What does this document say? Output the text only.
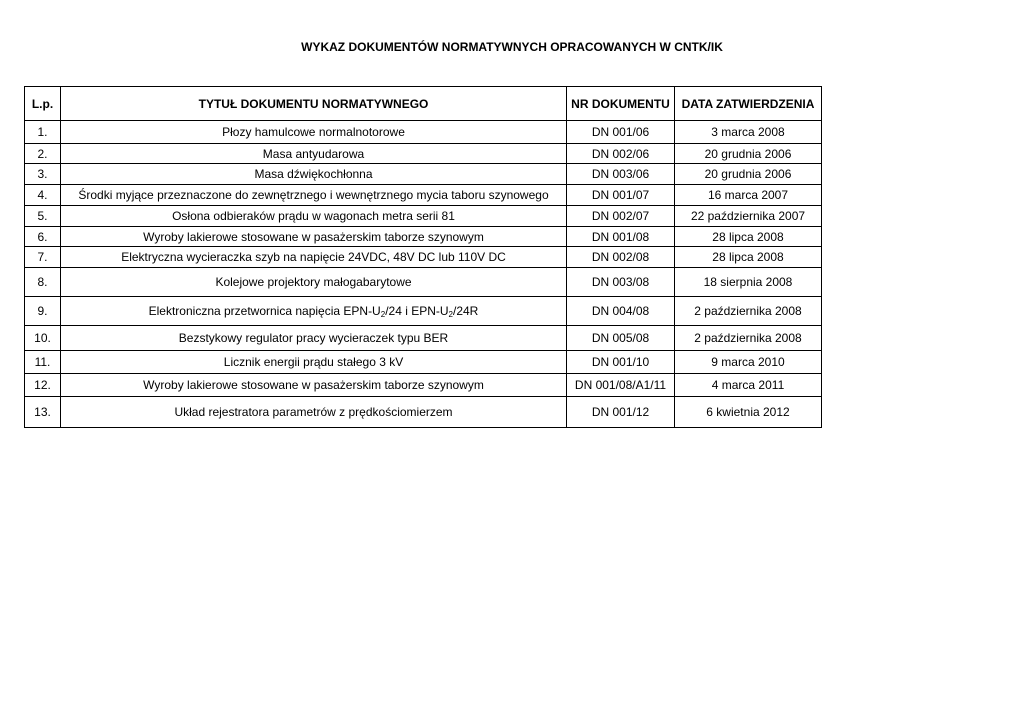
WYKAZ DOKUMENTÓW NORMATYWNYCH OPRACOWANYCH W CNTK/IK
L.p.	TYTUŁ DOKUMENTU NORMATYWNEGO	NR DOKUMENTU	DATA ZATWIERDZENIA
1.	Płozy hamulcowe normalnotorowe	DN 001/06	3 marca 2008
2.	Masa antyudarowa	DN 002/06	20 grudnia 2006
3.	Masa dźwiękochłonna	DN 003/06	20 grudnia 2006
4.	Środki myjące przeznaczone do zewnętrznego i wewnętrznego mycia taboru szynowego	DN 001/07	16 marca 2007
5.	Osłona odbieraków prądu w wagonach metra serii 81	DN 002/07	22 października 2007
6.	Wyroby lakierowe stosowane w pasażerskim taborze szynowym	DN 001/08	28 lipca 2008
7.	Elektryczna wycieraczka szyb na napięcie 24VDC, 48V DC lub 110V DC	DN 002/08	28 lipca 2008
8.	Kolejowe projektory małogabarytowe	DN 003/08	18 sierpnia 2008
9.	Elektroniczna przetwornica napięcia EPN-$U_2/24$ i EPN-$U_2/24R$	DN 004/08	2 października 2008
10.	Bezstykowy regulator pracy wycieraczek typu BER	DN 005/08	2 października 2008
11.	Licznik energii prądu stałego 3 kV	DN 001/10	9 marca 2010
12.	Wyroby lakierowe stosowane w pasażerskim taborze szynowym	DN 001/08/A1/11	4 marca 2011
13.	Układ rejestratora parametrów z prędkościomierzem	DN 001/12	6 kwietnia 2012
